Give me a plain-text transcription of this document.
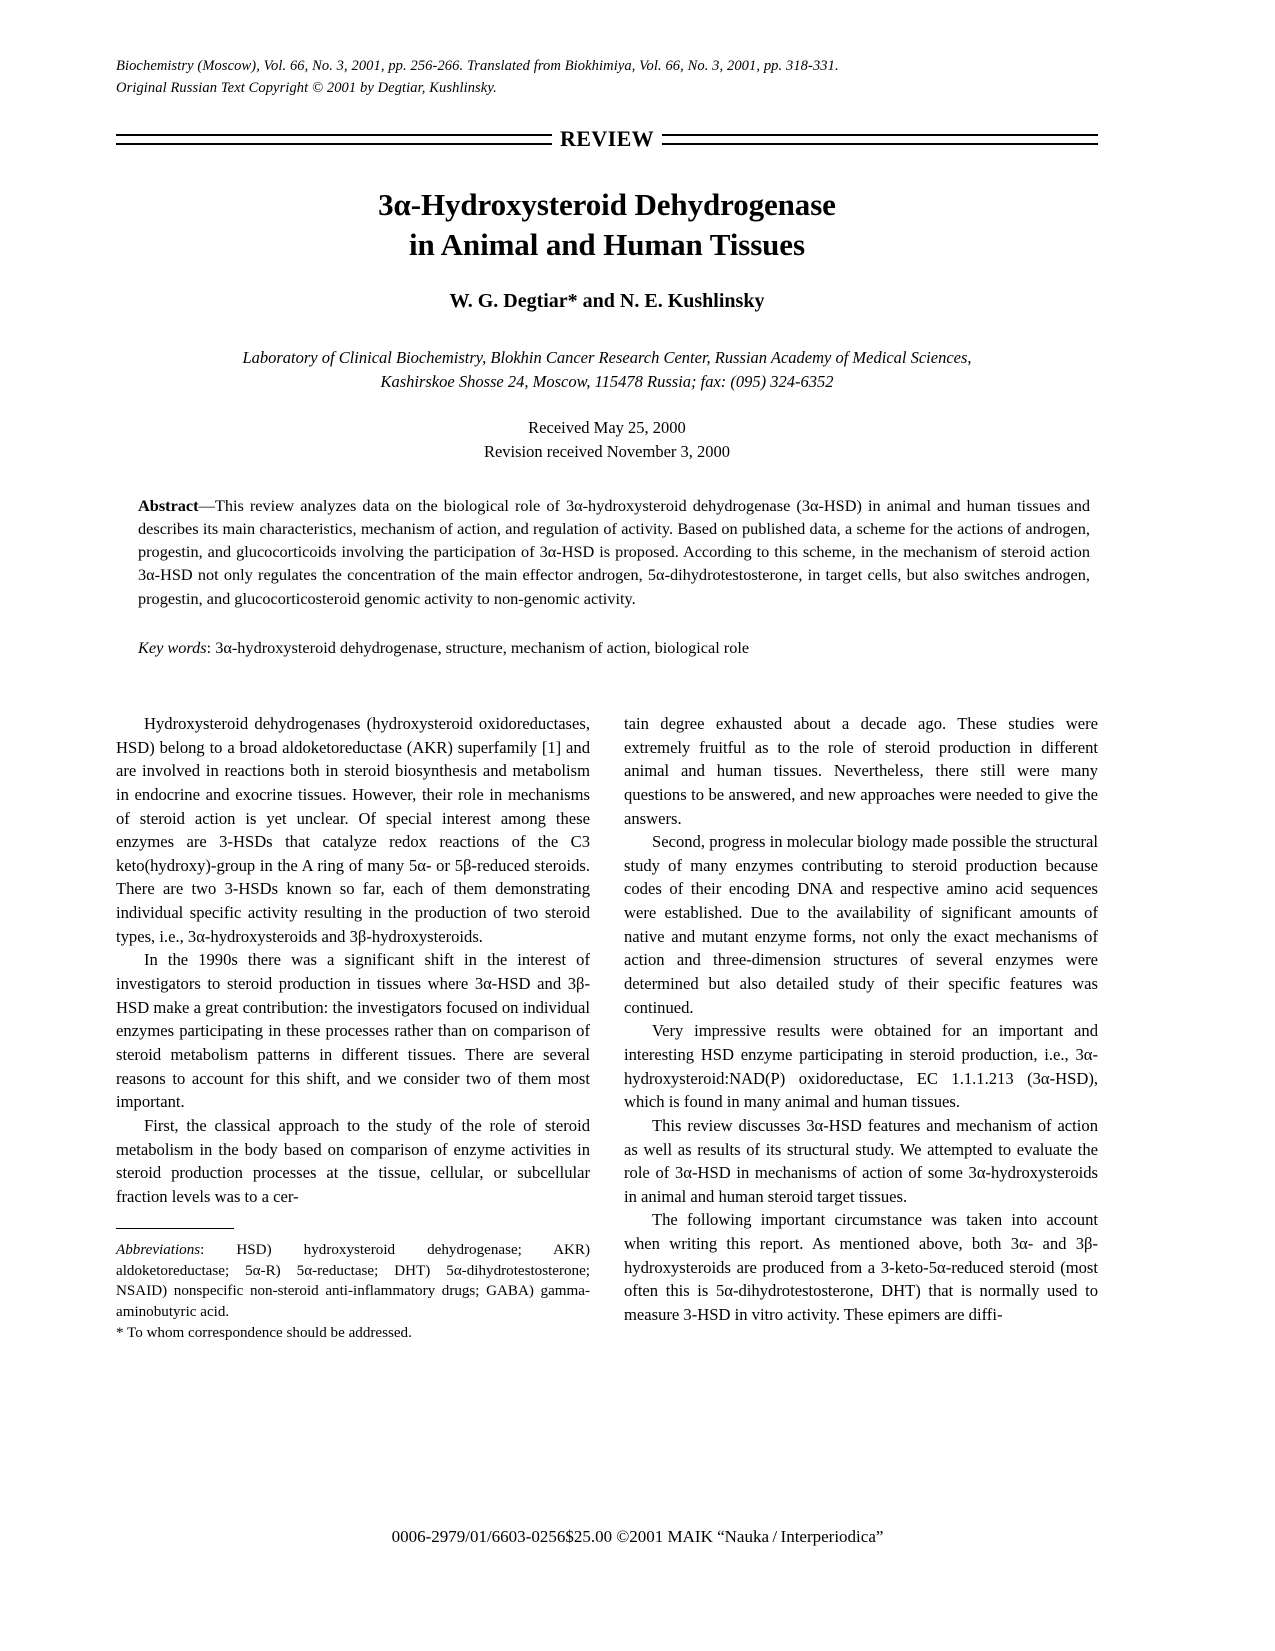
Biochemistry (Moscow), Vol. 66, No. 3, 2001, pp. 256-266. Translated from Biokhimiya, Vol. 66, No. 3, 2001, pp. 318-331.
Original Russian Text Copyright © 2001 by Degtiar, Kushlinsky.
REVIEW
3α-Hydroxysteroid Dehydrogenase
in Animal and Human Tissues
W. G. Degtiar* and N. E. Kushlinsky
Laboratory of Clinical Biochemistry, Blokhin Cancer Research Center, Russian Academy of Medical Sciences,
Kashirskoe Shosse 24, Moscow, 115478 Russia; fax: (095) 324-6352
Received May 25, 2000
Revision received November 3, 2000
Abstract—This review analyzes data on the biological role of 3α-hydroxysteroid dehydrogenase (3α-HSD) in animal and human tissues and describes its main characteristics, mechanism of action, and regulation of activity. Based on published data, a scheme for the actions of androgen, progestin, and glucocorticoids involving the participation of 3α-HSD is proposed. According to this scheme, in the mechanism of steroid action 3α-HSD not only regulates the concentration of the main effector androgen, 5α-dihydrotestosterone, in target cells, but also switches androgen, progestin, and glucocorticosteroid genomic activity to non-genomic activity.
Key words: 3α-hydroxysteroid dehydrogenase, structure, mechanism of action, biological role

Hydroxysteroid dehydrogenases (hydroxysteroid oxidoreductases, HSD) belong to a broad aldoketoreductase (AKR) superfamily [1] and are involved in reactions both in steroid biosynthesis and metabolism in endocrine and exocrine tissues. However, their role in mechanisms of steroid action is yet unclear. Of special interest among these enzymes are 3-HSDs that catalyze redox reactions of the C3 keto(hydroxy)-group in the A ring of many 5α- or 5β-reduced steroids. There are two 3-HSDs known so far, each of them demonstrating individual specific activity resulting in the production of two steroid types, i.e., 3α-hydroxysteroids and 3β-hydroxysteroids.

In the 1990s there was a significant shift in the interest of investigators to steroid production in tissues where 3α-HSD and 3β-HSD make a great contribution: the investigators focused on individual enzymes participating in these processes rather than on comparison of steroid metabolism patterns in different tissues. There are several reasons to account for this shift, and we consider two of them most important.

First, the classical approach to the study of the role of steroid metabolism in the body based on comparison of enzyme activities in steroid production processes at the tissue, cellular, or subcellular fraction levels was to a cer-

Abbreviations: HSD) hydroxysteroid dehydrogenase; AKR) aldoketoreductase; 5α-R) 5α-reductase; DHT) 5α-dihydrotestosterone; NSAID) nonspecific non-steroid anti-inflammatory drugs; GABA) gamma-aminobutyric acid.

* To whom correspondence should be addressed.

tain degree exhausted about a decade ago. These studies were extremely fruitful as to the role of steroid production in different animal and human tissues. Nevertheless, there still were many questions to be answered, and new approaches were needed to give the answers.

Second, progress in molecular biology made possible the structural study of many enzymes contributing to steroid production because codes of their encoding DNA and respective amino acid sequences were established. Due to the availability of significant amounts of native and mutant enzyme forms, not only the exact mechanisms of action and three-dimension structures of several enzymes were determined but also detailed study of their specific features was continued.

Very impressive results were obtained for an important and interesting HSD enzyme participating in steroid production, i.e., 3α-hydroxysteroid:NAD(P) oxidoreductase, EC 1.1.1.213 (3α-HSD), which is found in many animal and human tissues.

This review discusses 3α-HSD features and mechanism of action as well as results of its structural study. We attempted to evaluate the role of 3α-HSD in mechanisms of action of some 3α-hydroxysteroids in animal and human steroid target tissues.

The following important circumstance was taken into account when writing this report. As mentioned above, both 3α- and 3β-hydroxysteroids are produced from a 3-keto-5α-reduced steroid (most often this is 5α-dihydrotestosterone, DHT) that is normally used to measure 3-HSD in vitro activity. These epimers are diffi-

0006-2979/01/6603-0256$25.00 ©2001 MAIK “Nauka / Interperiodica”
